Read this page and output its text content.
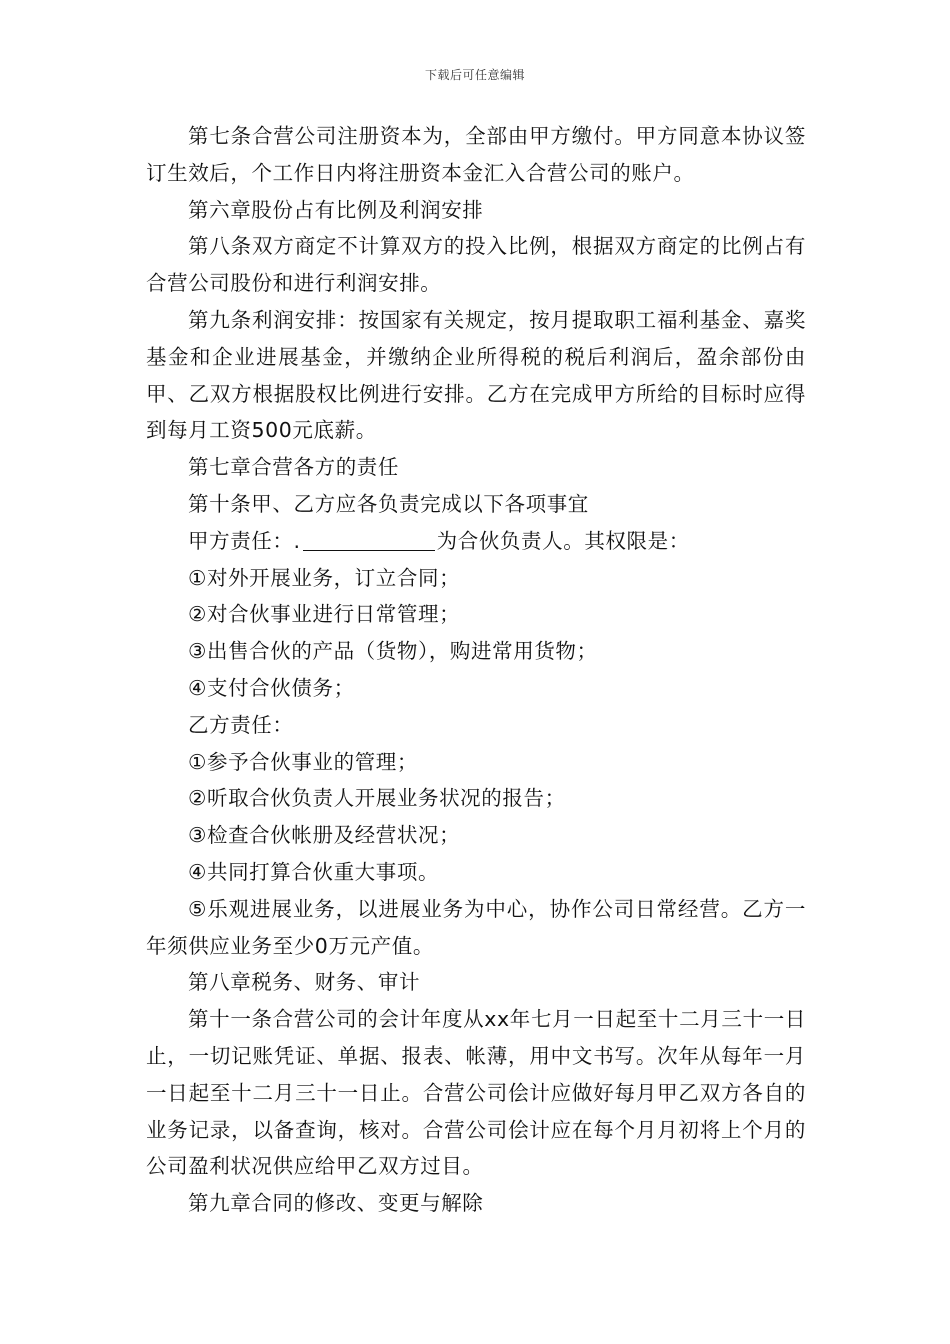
下载后可任意编辑

第七条合营公司注册资本为，全部由甲方缴付。甲方同意本协议签订生效后，个工作日内将注册资本金汇入合营公司的账户。

第六章股份占有比例及利润安排

第八条双方商定不计算双方的投入比例，根据双方商定的比例占有合营公司股份和进行利润安排。

第九条利润安排：按国家有关规定，按月提取职工福利基金、嘉奖基金和企业进展基金，并缴纳企业所得税的税后利润后，盈余部份由甲、乙双方根据股权比例进行安排。乙方在完成甲方所给的目标时应得到每月工资500元底薪。

第七章合营各方的责任

第十条甲、乙方应各负责完成以下各项事宜

甲方责任：.	为合伙负责人。其权限是：

①对外开展业务，订立合同；

②对合伙事业进行日常管理；

③出售合伙的产品（货物），购进常用货物；

④支付合伙债务；

乙方责任：

①参予合伙事业的管理；

②听取合伙负责人开展业务状况的报告；

③检查合伙帐册及经营状况；

④共同打算合伙重大事项。

⑤乐观进展业务，以进展业务为中心，协作公司日常经营。乙方一年须供应业务至少0万元产值。

第八章税务、财务、审计

第十一条合营公司的会计年度从xx年七月一日起至十二月三十一日止，一切记账凭证、单据、报表、帐薄，用中文书写。次年从每年一月一日起至十二月三十一日止。合营公司侩计应做好每月甲乙双方各自的业务记录，以备查询，核对。合营公司侩计应在每个月月初将上个月的公司盈利状况供应给甲乙双方过目。

第九章合同的修改、变更与解除
